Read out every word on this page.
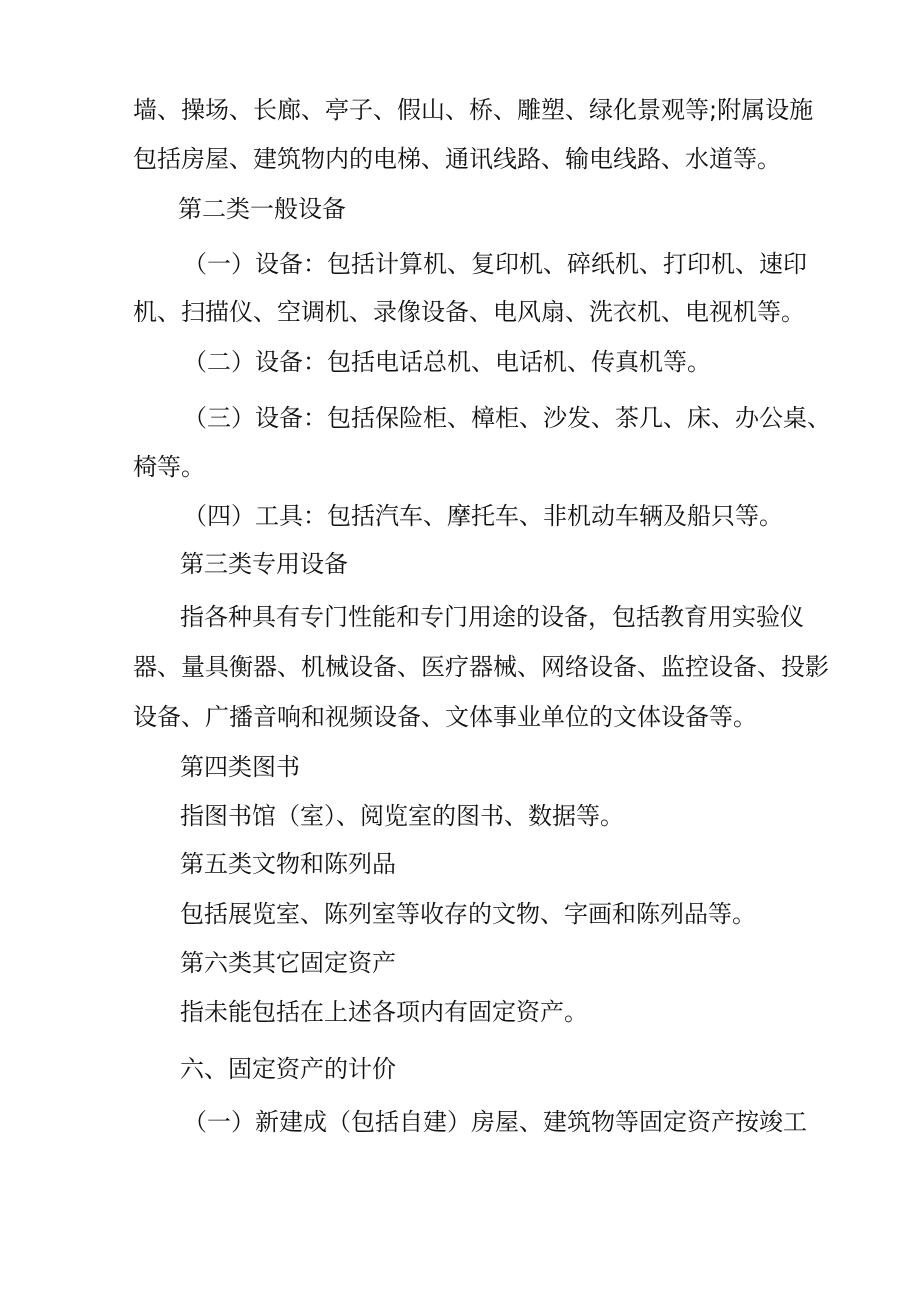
墙、操场、长廊、亭子、假山、桥、雕塑、绿化景观等;附属设施

包括房屋、建筑物内的电梯、通讯线路、输电线路、水道等。

第二类一般设备

（一）设备：包括计算机、复印机、碎纸机、打印机、速印

机、扫描仪、空调机、录像设备、电风扇、洗衣机、电视机等。

（二）设备：包括电话总机、电话机、传真机等。

（三）设备：包括保险柜、樟柜、沙发、茶几、床、办公桌、

椅等。

（四）工具：包括汽车、摩托车、非机动车辆及船只等。

第三类专用设备

指各种具有专门性能和专门用途的设备，包括教育用实验仪

器、量具衡器、机械设备、医疗器械、网络设备、监控设备、投影

设备、广播音响和视频设备、文体事业单位的文体设备等。

第四类图书

指图书馆（室）、阅览室的图书、数据等。

第五类文物和陈列品

包括展览室、陈列室等收存的文物、字画和陈列品等。

第六类其它固定资产

指未能包括在上述各项内有固定资产。

六、固定资产的计价

（一）新建成（包括自建）房屋、建筑物等固定资产按竣工
